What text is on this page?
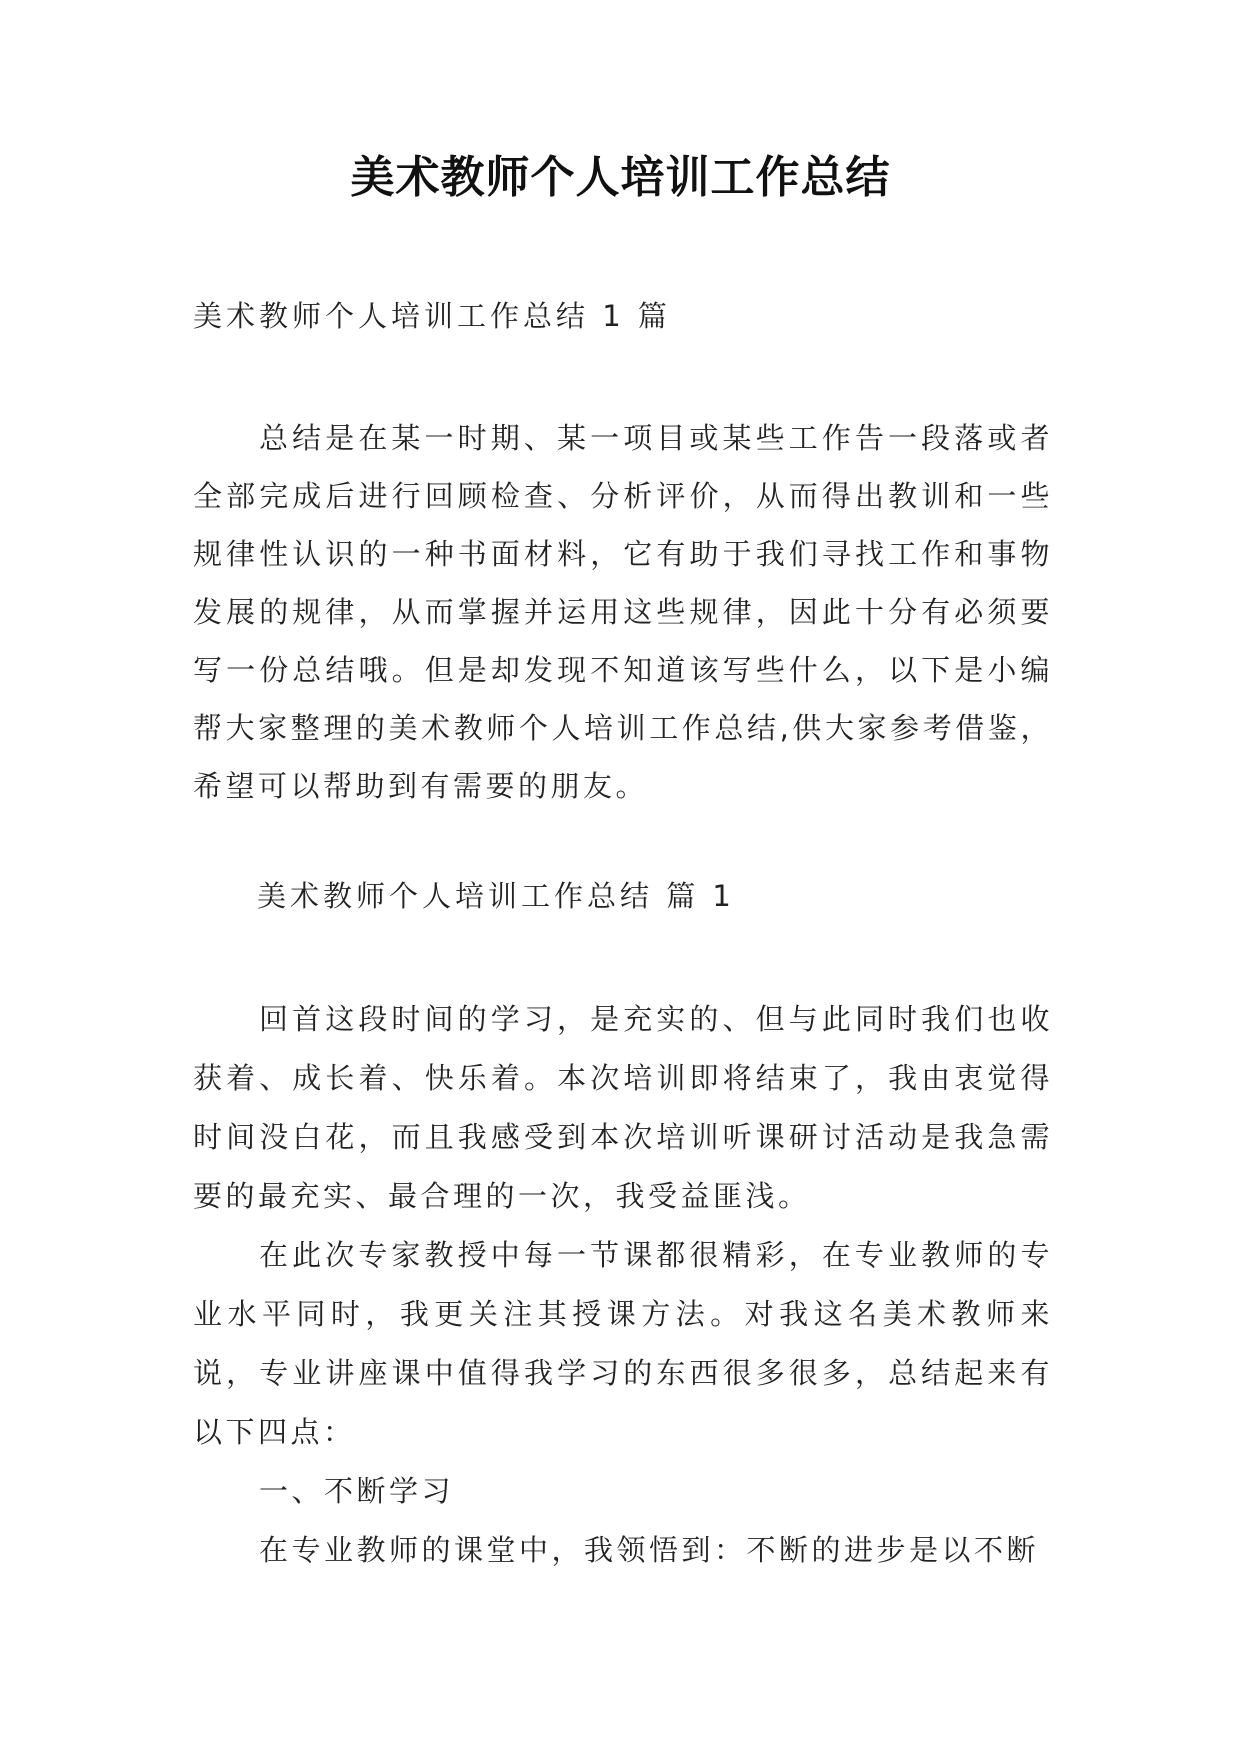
美术教师个人培训工作总结
美术教师个人培训工作总结 1 篇
总结是在某一时期、某一项目或某些工作告一段落或者全部完成后进行回顾检查、分析评价，从而得出教训和一些规律性认识的一种书面材料，它有助于我们寻找工作和事物发展的规律，从而掌握并运用这些规律，因此十分有必须要写一份总结哦。但是却发现不知道该写些什么，以下是小编帮大家整理的美术教师个人培训工作总结,供大家参考借鉴，希望可以帮助到有需要的朋友。
美术教师个人培训工作总结 篇 1

回首这段时间的学习，是充实的、但与此同时我们也收获着、成长着、快乐着。本次培训即将结束了，我由衷觉得时间没白花，而且我感受到本次培训听课研讨活动是我急需要的最充实、最合理的一次，我受益匪浅。

在此次专家教授中每一节课都很精彩，在专业教师的专业水平同时，我更关注其授课方法。对我这名美术教师来说，专业讲座课中值得我学习的东西很多很多，总结起来有以下四点：

一、不断学习

在专业教师的课堂中，我领悟到：不断的进步是以不断
